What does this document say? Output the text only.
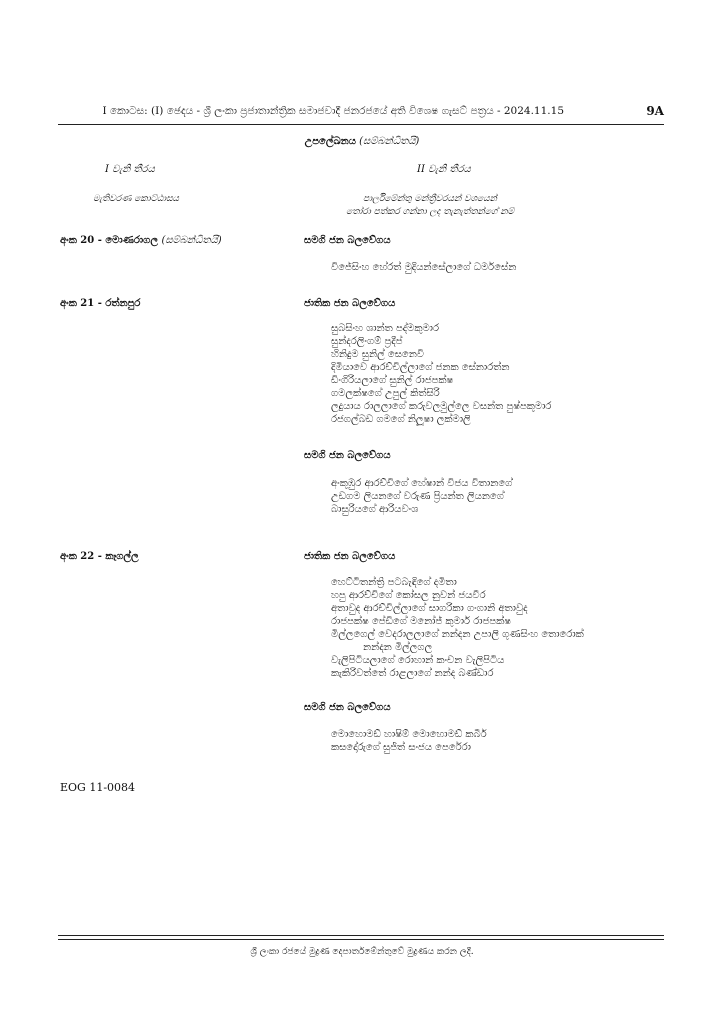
I කොටස: (I) ඡෙදය - ශ්‍රී ලංකා ප්‍රජාතාන්ත්‍රික සමාජවාදී ජනරජයේ අති විශෙෂ ගැසට් පත්‍රය - 2024.11.15	9A
උපලේඛනය (සම්බන්ධිතයි)
I වැනි තීරය	II වැනි තීරය
මැතිවරණ කොට්ඨාසය	පාර්ලිමේන්තු මන්ත්‍රීවරයන් වශයෙන්
තෝරා පත්කර ගන්නා ලද තැනැත්තන්ගේ නම්
අංක 20 - මොණරාගල (සම්බන්ධිතයි)	සමගි ජන බලවේගය
විජේසිංහ හේරත් මුදියන්සේලාගේ ධර්මසේන
අංක 21 - රත්නපුර	ජාතික ජන බලවේගය
සුබසිංහ ශාන්ත පද්මකුමාර
සුන්දරලිංගම් ප්‍රදීප්
හිනිදුම සුනිල් සෙනෙවි
දිමියාවෙ ආරච්චිල්ලාගේ ජනක සේනාරත්න
ඩිංගිරියලාගේ සුනිල් රාජපක්ෂ
ගමලක්ෂගේ උපුල් කිත්සිරි
ලදුයාය රාලලාගේ කරුවලමුල්ලෙ වසන්ත පුෂ්පකුමාර
රජගල්බඩ ගමගේ නිලූෂා ලක්මාලි
සමගි ජන බලවේගය
අංකුඹුර ආරච්චිගේ හේෂාන් විජය විතානගේ
උඩගම ලියනගේ වරුණ ප්‍රියන්ත ලියනගේ
බාසුරියගේ ආරියවංශ
අංක 22 - කෑගල්ල	ජාතික ජන බලවේගය
හෙට්ටිතන්ත්‍රි පටබැඳිගේ දමිතා
හපු ආරච්චිගේ කෝසල නුවන් ජයවීර
අතාවුද ආරච්චිල්ලාගේ සාගරිකා ගංගානි අතාවුද
රාජපක්ෂ පේඩිගේ මනෝජ් කුමාර් රාජපක්ෂ
මිල්ලගෙල් වෙදරාලලාගේ නන්දන උපාලි ගුණසිංහ තොරොක්
නන්දන මිල්ලගල
වැලිපිටියලාගේ රොහාන් කංචන වැලිපිටිය
කැකිරිවත්තේ රාළලාගේ නන්ද බණ්ඩාර
සමගි ජන බලවේගය
මොහොමඩ් හාෂිම් මොහොමඩ් කබීර්
කසදෝරුගේ සුජිත් සංජය පෙරේරා
EOG 11-0084
ශ්‍රී ලංකා රජයේ මුද්‍රණ දෙපාර්තමේන්තුවේ මුද්‍රණය කරන ලදී.
